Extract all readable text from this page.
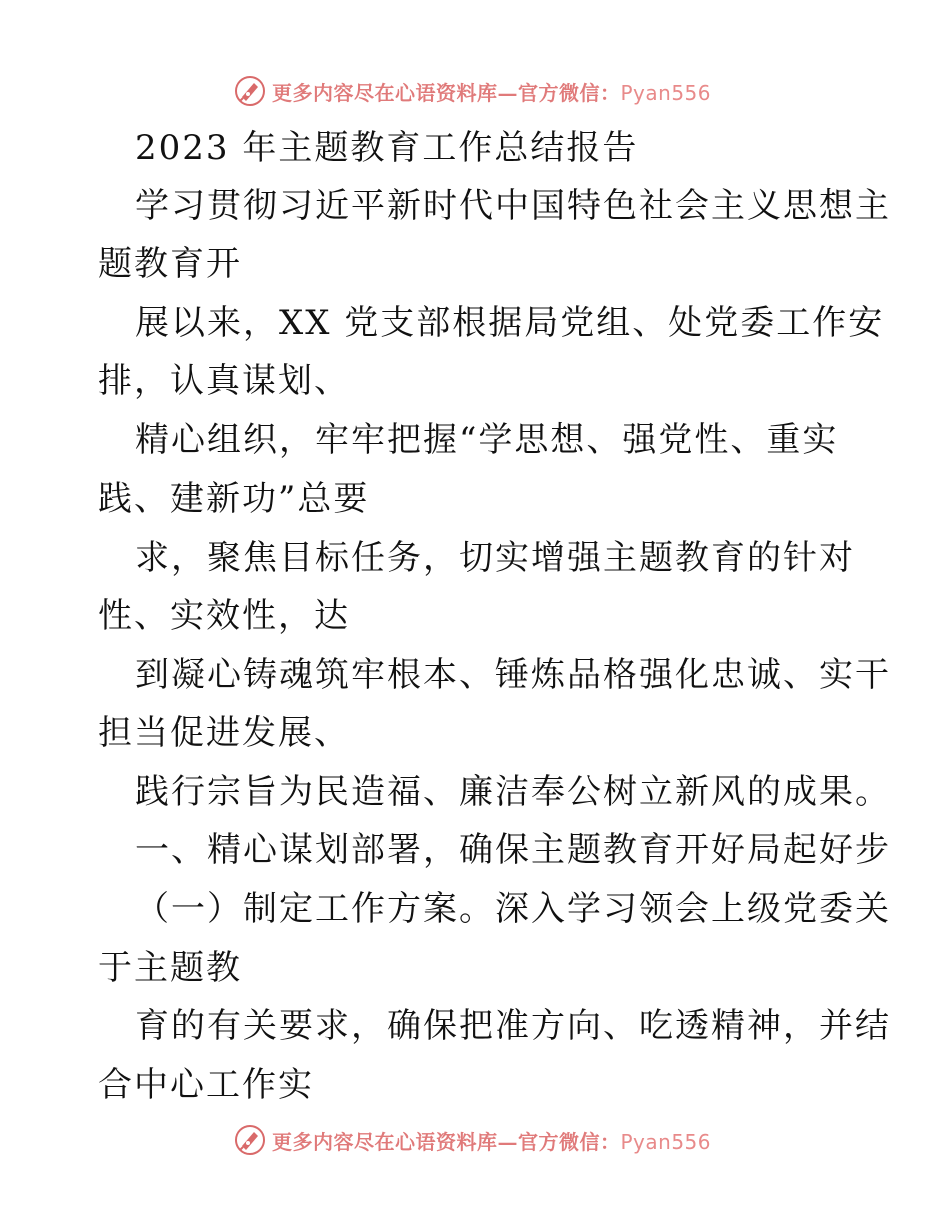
更多内容尽在心语资料库—官方微信：Pyan556
2023 年主题教育工作总结报告
学习贯彻习近平新时代中国特色社会主义思想主
题教育开
展以来，XX 党支部根据局党组、处党委工作安
排，认真谋划、
精心组织，牢牢把握“学思想、强党性、重实
践、建新功”总要
求，聚焦目标任务，切实增强主题教育的针对
性、实效性，达
到凝心铸魂筑牢根本、锤炼品格强化忠诚、实干
担当促进发展、
践行宗旨为民造福、廉洁奉公树立新风的成果。
一、精心谋划部署，确保主题教育开好局起好步
（一）制定工作方案。深入学习领会上级党委关
于主题教
育的有关要求，确保把准方向、吃透精神，并结
合中心工作实
更多内容尽在心语资料库—官方微信：Pyan556
